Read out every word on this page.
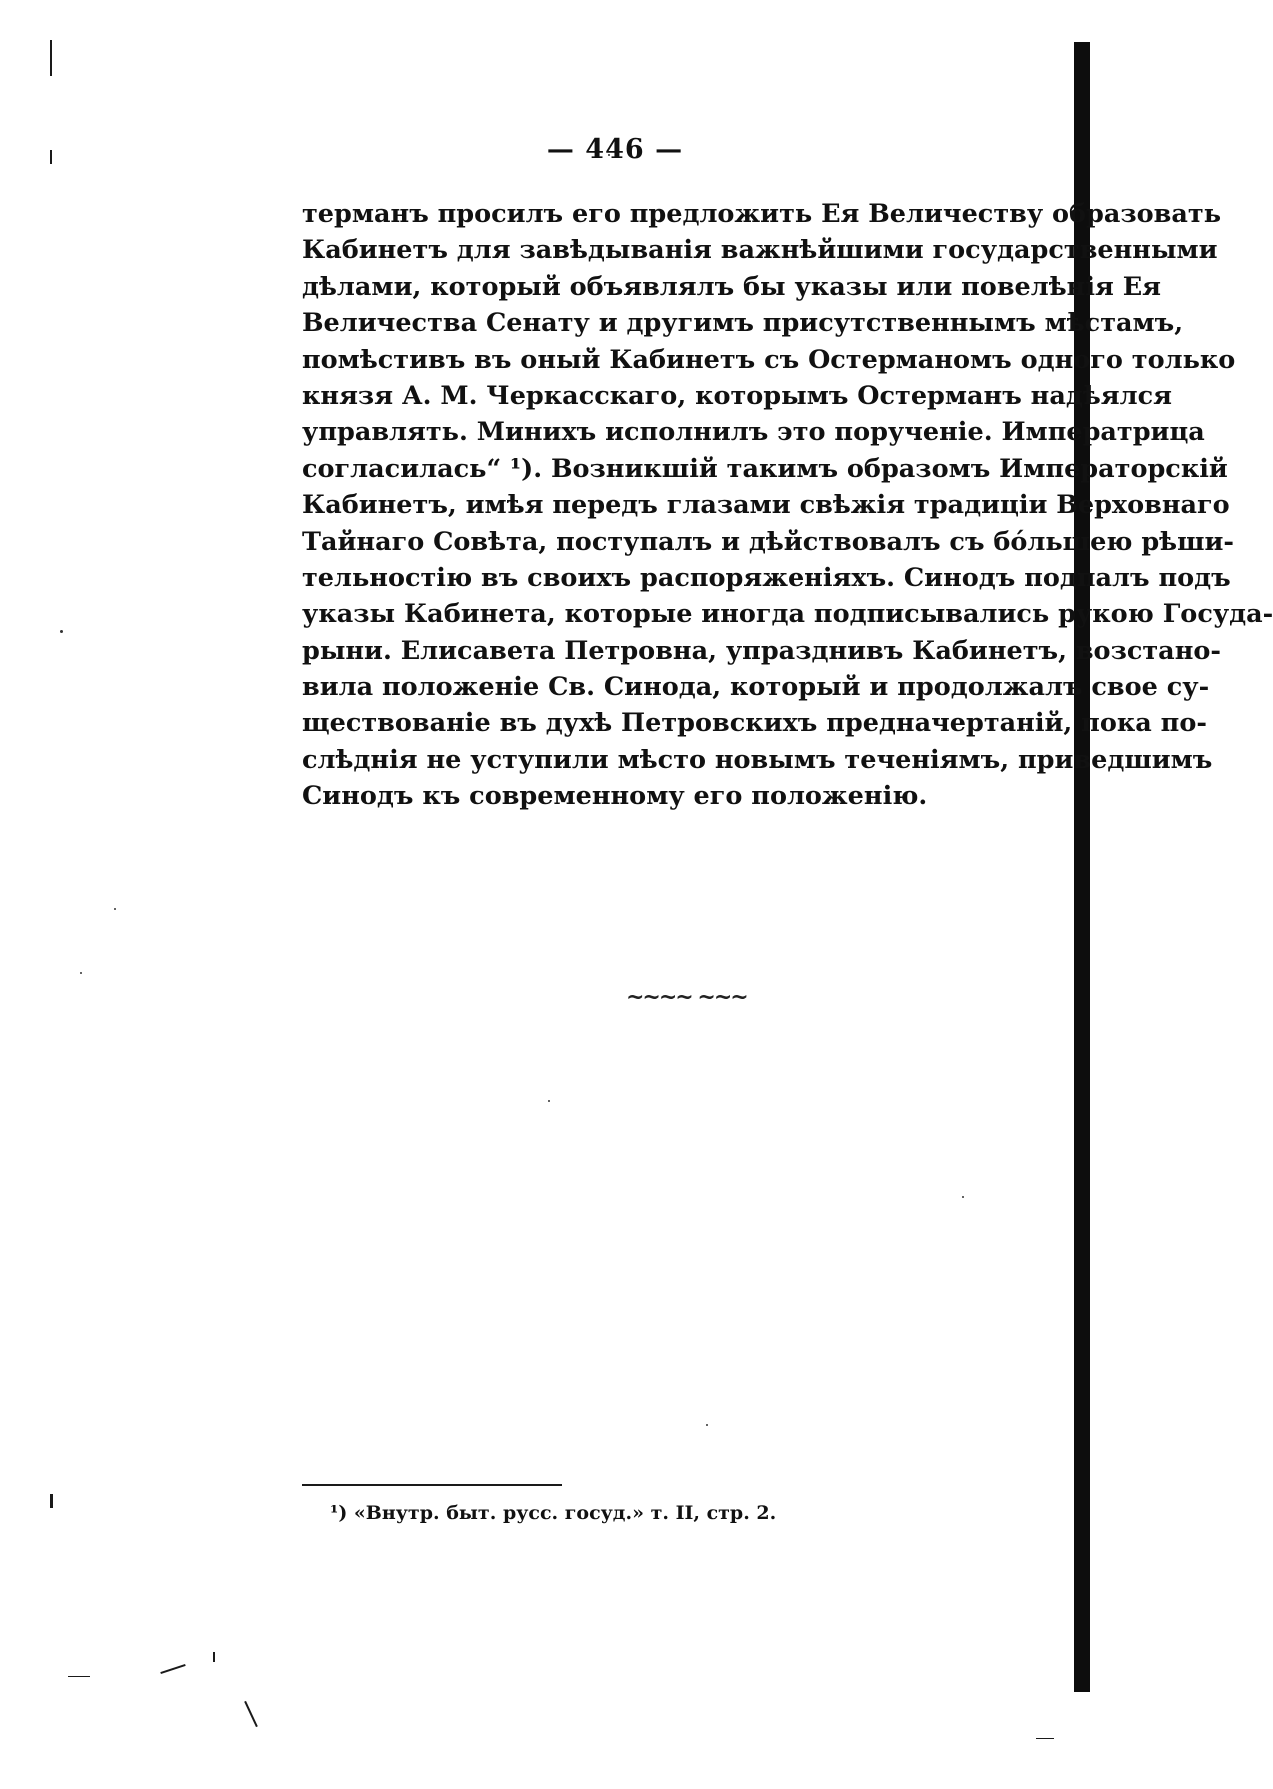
— 446 —
терманъ просилъ его предложить Ея Величеству образовать
Кабинетъ для завѣдыванія важнѣйшими государственными
дѣлами, который объявлялъ бы указы или повелѣнія Ея
Величества Сенату и другимъ присутственнымъ мѣстамъ,
помѣстивъ въ оный Кабинетъ съ Остерманомъ одного только
князя А. М. Черкасскаго, которымъ Остерманъ надѣялся
управлять. Минихъ исполнилъ это порученіе. Императрица
согласилась“ ¹). Возникшій такимъ образомъ Императорскій
Кабинетъ, имѣя передъ глазами свѣжія традиціи Верховнаго
Тайнаго Совѣта, поступалъ и дѣйствовалъ съ бóльшею рѣши-
тельностію въ своихъ распоряженіяхъ. Синодъ подпалъ подъ
указы Кабинета, которые иногда подписывались рукою Госуда-
рыни. Елисавета Петровна, упразднивъ Кабинетъ, возстано-
вила положеніе Св. Синода, который и продолжалъ свое су-
ществованіе въ духѣ Петровскихъ предначертаній, пока по-
слѣднія не уступили мѣсто новымъ теченіямъ, приведшимъ
Синодъ къ современному его положенію.
~~~~ ~~~
¹) «Внутр. быт. русс. госуд.» т. II, стр. 2.
